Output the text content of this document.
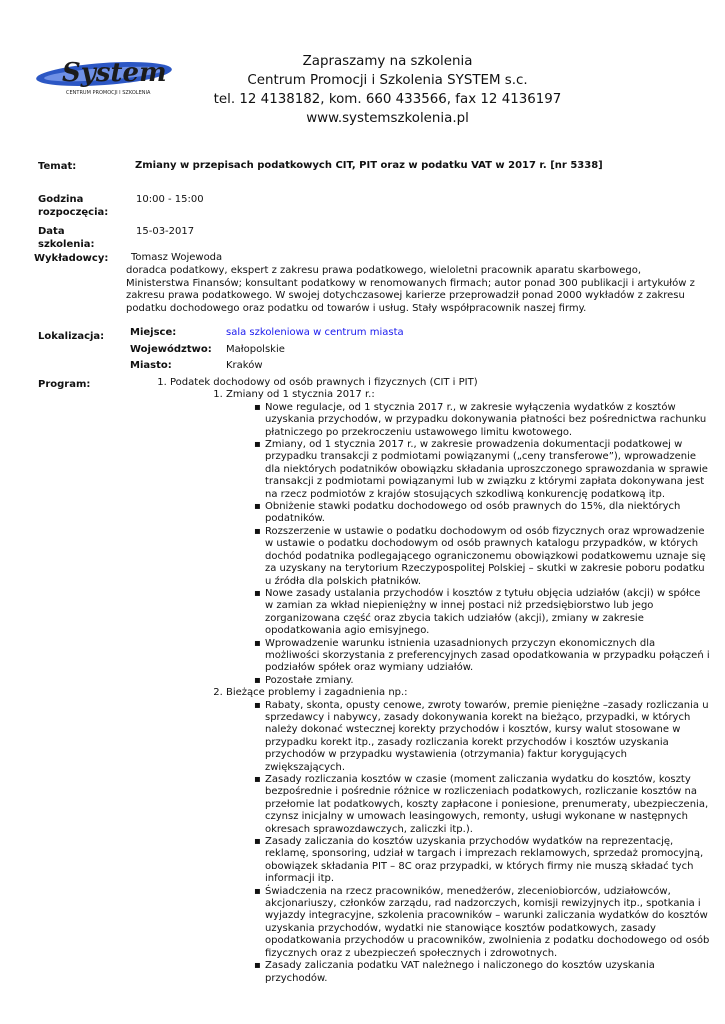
System
CENTRUM PROMOCJI I SZKOLENIA
Zapraszamy na szkolenia
Centrum Promocji i Szkolenia SYSTEM s.c.
tel. 12 4138182, kom. 660 433566, fax 12 4136197
www.systemszkolenia.pl
Temat:	Zmiany w przepisach podatkowych CIT, PIT oraz w podatku VAT w 2017 r. [nr 5338]
Godzina
rozpoczęcia:
10:00 - 15:00
Data
szkolenia:
15-03-2017
Wykładowcy: Tomasz Wojewoda
doradca podatkowy, ekspert z zakresu prawa podatkowego, wieloletni pracownik aparatu skarbowego, Ministerstwa Finansów; konsultant podatkowy w renomowanych firmach; autor ponad 300 publikacji i artykułów z zakresu prawa podatkowego. W swojej dotychczasowej karierze przeprowadził ponad 2000 wykładów z zakresu podatku dochodowego oraz podatku od towarów i usług. Stały współpracownik naszej firmy.
Lokalizacja:	Miejsce:	sala szkoleniowa w centrum miasta
Województwo: Małopolskie
Miasto:	Kraków
Program:
1.	Podatek dochodowy od osób prawnych i fizycznych (CIT i PIT)
1. Zmiany od 1 stycznia 2017 r.:
▪ Nowe regulacje, od 1 stycznia 2017 r., w zakresie wyłączenia wydatków z kosztów uzyskania przychodów, w przypadku dokonywania płatności bez pośrednictwa rachunku płatniczego po przekroczeniu ustawowego limitu kwotowego.
▪ Zmiany, od 1 stycznia 2017 r., w zakresie prowadzenia dokumentacji podatkowej w przypadku transakcji z podmiotami powiązanymi („ceny transferowe”), wprowadzenie dla niektórych podatników obowiązku składania uproszczonego sprawozdania w sprawie transakcji z podmiotami powiązanymi lub w związku z którymi zapłata dokonywana jest na rzecz podmiotów z krajów stosujących szkodliwą konkurencję podatkową itp.
▪ Obniżenie stawki podatku dochodowego od osób prawnych do 15%, dla niektórych podatników.
▪ Rozszerzenie w ustawie o podatku dochodowym od osób fizycznych oraz wprowadzenie w ustawie o podatku dochodowym od osób prawnych katalogu przypadków, w których dochód podatnika podlegającego ograniczonemu obowiązkowi podatkowemu uznaje się za uzyskany na terytorium Rzeczypospolitej Polskiej – skutki w zakresie poboru podatku u źródła dla polskich płatników.
▪ Nowe zasady ustalania przychodów i kosztów z tytułu objęcia udziałów (akcji) w spółce w zamian za wkład niepieniężny w innej postaci niż przedsiębiorstwo lub jego zorganizowana część oraz zbycia takich udziałów (akcji), zmiany w zakresie opodatkowania agio emisyjnego.
▪ Wprowadzenie warunku istnienia uzasadnionych przyczyn ekonomicznych dla możliwości skorzystania z preferencyjnych zasad opodatkowania w przypadku połączeń i podziałów spółek oraz wymiany udziałów.
▪ Pozostałe zmiany.
2. Bieżące problemy i zagadnienia np.:
▪ Rabaty, skonta, opusty cenowe, zwroty towarów, premie pieniężne –zasady rozliczania u sprzedawcy i nabywcy, zasady dokonywania korekt na bieżąco, przypadki, w których należy dokonać wstecznej korekty przychodów i kosztów, kursy walut stosowane w przypadku korekt itp., zasady rozliczania korekt przychodów i kosztów uzyskania przychodów w przypadku wystawienia (otrzymania) faktur korygujących zwiększających.
▪ Zasady rozliczania kosztów w czasie (moment zaliczania wydatku do kosztów, koszty bezpośrednie i pośrednie różnice w rozliczeniach podatkowych, rozliczanie kosztów na przełomie lat podatkowych, koszty zapłacone i poniesione, prenumeraty, ubezpieczenia, czynsz inicjalny w umowach leasingowych, remonty, usługi wykonane w następnych okresach sprawozdawczych, zaliczki itp.).
▪ Zasady zaliczania do kosztów uzyskania przychodów wydatków na reprezentację, reklamę, sponsoring, udział w targach i imprezach reklamowych, sprzedaż promocyjną, obowiązek składania PIT – 8C oraz przypadki, w których firmy nie muszą składać tych informacji itp.
▪ Świadczenia na rzecz pracowników, menedżerów, zleceniobiorców, udziałowców, akcjonariuszy, członków zarządu, rad nadzorczych, komisji rewizyjnych itp., spotkania i wyjazdy integracyjne, szkolenia pracowników – warunki zaliczania wydatków do kosztów uzyskania przychodów, wydatki nie stanowiące kosztów podatkowych, zasady opodatkowania przychodów u pracowników, zwolnienia z podatku dochodowego od osób fizycznych oraz z ubezpieczeń społecznych i zdrowotnych.
▪ Zasady zaliczania podatku VAT należnego i naliczonego do kosztów uzyskania przychodów.
